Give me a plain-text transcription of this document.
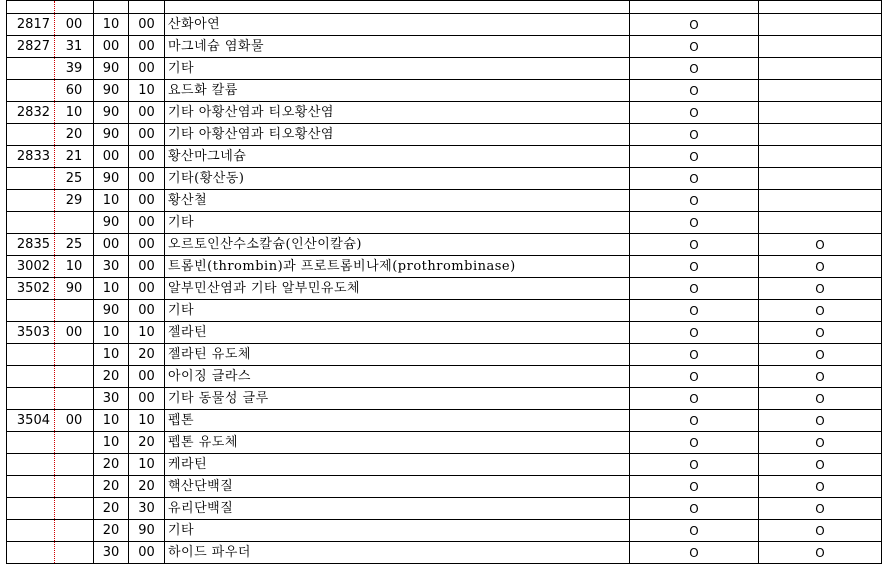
2817	00	10	00	산화아연	O	
2827	31	00	00	마그네슘 염화물	O	
	39	90	00	기타	O	
	60	90	10	요드화 칼륨	O	
2832	10	90	00	기타 아황산염과 티오황산염	O	
	20	90	00	기타 아황산염과 티오황산염	O	
2833	21	00	00	황산마그네슘	O	
	25	90	00	기타(황산동)	O	
	29	10	00	황산철	O	
		90	00	기타	O	
2835	25	00	00	오르토인산수소칼슘(인산이칼슘)	O	O
3002	10	30	00	트롬빈(thrombin)과 프로트롬비나제(prothrombinase)	O	O
3502	90	10	00	알부민산염과 기타 알부민유도체	O	O
		90	00	기타	O	O
3503	00	10	10	젤라틴	O	O
		10	20	젤라틴 유도체	O	O
		20	00	아이징 글라스	O	O
		30	00	기타 동물성 글루	O	O
3504	00	10	10	펩톤	O	O
		10	20	펩톤 유도체	O	O
		20	10	케라틴	O	O
		20	20	핵산단백질	O	O
		20	30	유리단백질	O	O
		20	90	기타	O	O
		30	00	하이드 파우더	O	O
